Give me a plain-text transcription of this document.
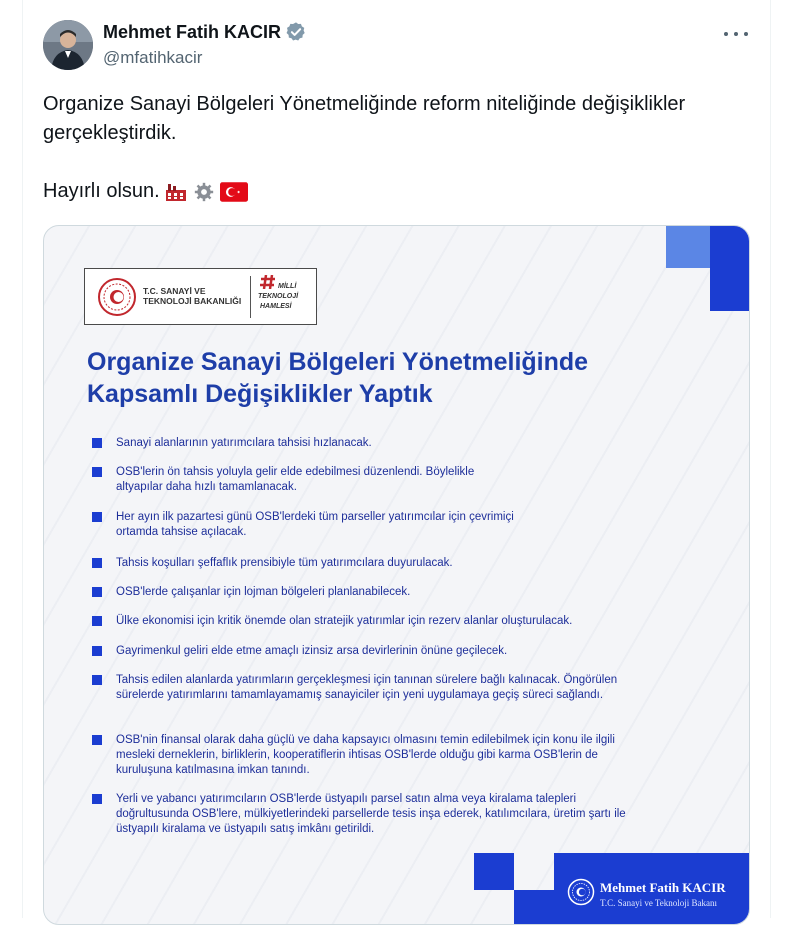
Mehmet Fatih KACIR
@mfatihkacir

Organize Sanayi Bölgeleri Yönetmeliğinde reform niteliğinde değişiklikler gerçekleştirdik.

Hayırlı olsun.

T.C. SANAYİ VE
TEKNOLOJİ BAKANLIĞI
MİLLİ
TEKNOLOJİ
HAMLESİ
Organize Sanayi Bölgeleri Yönetmeliğinde
Kapsamlı Değişiklikler Yaptık
Sanayi alanlarının yatırımcılara tahsisi hızlanacak.
OSB'lerin ön tahsis yoluyla gelir elde edebilmesi düzenlendi. Böylelikle altyapılar daha hızlı tamamlanacak.
Her ayın ilk pazartesi günü OSB'lerdeki tüm parseller yatırımcılar için çevrimiçi ortamda tahsise açılacak.
Tahsis koşulları şeffaflık prensibiyle tüm yatırımcılara duyurulacak.
OSB'lerde çalışanlar için lojman bölgeleri planlanabilecek.
Ülke ekonomisi için kritik önemde olan stratejik yatırımlar için rezerv alanlar oluşturulacak.
Gayrimenkul geliri elde etme amaçlı izinsiz arsa devirlerinin önüne geçilecek.
Tahsis edilen alanlarda yatırımların gerçekleşmesi için tanınan sürelere bağlı kalınacak. Öngörülen sürelerde yatırımlarını tamamlayamamış sanayiciler için yeni uygulamaya geçiş süreci sağlandı.
OSB'nin finansal olarak daha güçlü ve daha kapsayıcı olmasını temin edilebilmek için konu ile ilgili mesleki derneklerin, birliklerin, kooperatiflerin ihtisas OSB'lerde olduğu gibi karma OSB'lerin de kuruluşuna katılmasına imkan tanındı.
Yerli ve yabancı yatırımcıların OSB'lerde üstyapılı parsel satın alma veya kiralama talepleri doğrultusunda OSB'lere, mülkiyetlerindeki parsellerde tesis inşa ederek, katılımcılara, üretim şartı ile üstyapılı kiralama ve üstyapılı satış imkânı getirildi.
Mehmet Fatih KACIR
T.C. Sanayi ve Teknoloji Bakanı
